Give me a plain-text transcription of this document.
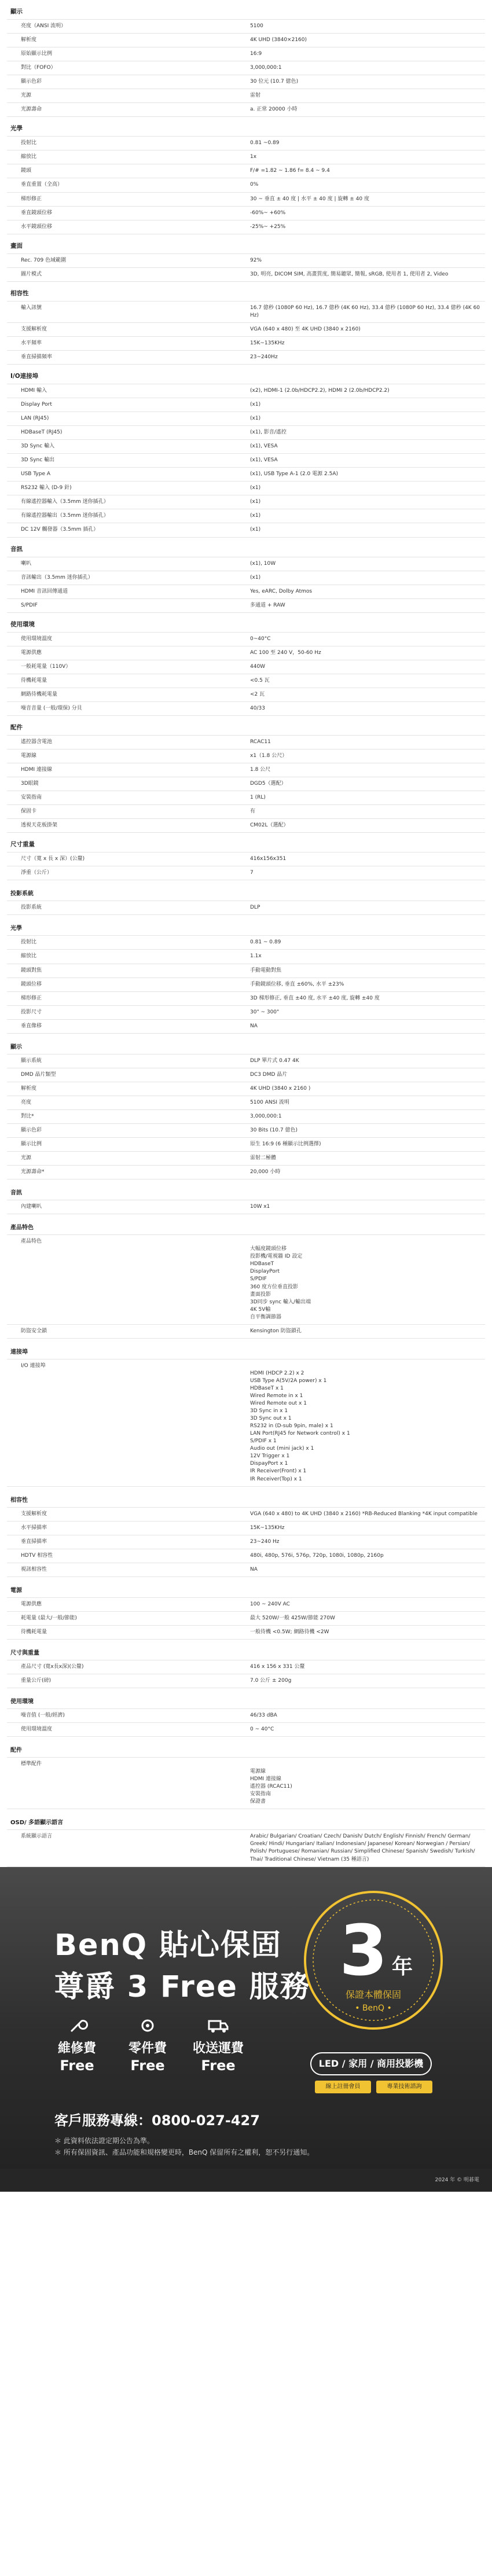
顯示
亮度（ANSI 流明）	5100
解析度	4K UHD (3840×2160)
原始顯示比例	16:9
對比（FOFO）	3,000,000:1
顯示色彩	30 位元 (10.7 億色)
光源	雷射
光源壽命	a. 正常 20000 小時
光學
投射比	0.81 ~0.89
縮放比	1x
鏡頭	F/# =1.82 ~ 1.86 f= 8.4 ~ 9.4
垂直重置（全高）	0%
梯形修正	30 ~ 垂直 ± 40 度 | 水平 ± 40 度 | 旋轉 ± 40 度
垂直鏡頭位移	-60%~ +60%
水平鏡頭位移	-25%~ +25%
畫面
Rec. 709 色域範圍	92%
圖片模式	3D, 明亮, DICOM SIM, 高畫質度, 簡易聽眾, 簡報, sRGB, 使用者 1, 使用者 2, Video
相容性
輸入訊號	16.7 億秒 (1080P 60 Hz), 16.7 億秒 (4K 60 Hz), 33.4 億秒 (1080P 60 Hz), 33.4 億秒 (4K 60 Hz)
支援解析度	VGA (640 x 480) 至 4K UHD (3840 x 2160)
水平頻率	15K~135KHz
垂直掃描頻率	23~240Hz
I/O連接埠
HDMI 輸入	(x2), HDMI-1 (2.0b/HDCP2.2), HDMI 2 (2.0b/HDCP2.2)
Display Port	(x1)
LAN (RJ45)	(x1)
HDBaseT (RJ45)	(x1), 影音/遙控
3D Sync 輸入	(x1), VESA
3D Sync 輸出	(x1), VESA
USB Type A	(x1), USB Type A-1 (2.0 電源 2.5A)
RS232 輸入 (D-9 針)	(x1)
有線遙控器輸入（3.5mm 迷你插孔）	(x1)
有線遙控器輸出（3.5mm 迷你插孔）	(x1)
DC 12V 觸發器（3.5mm 插孔）	(x1)
音訊
喇叭	(x1), 10W
音訊輸出（3.5mm 迷你插孔）	(x1)
HDMI 音訊回傳通道	Yes, eARC, Dolby Atmos
S/PDIF	多通道 + RAW
使用環境
使用環境溫度	0~40°C
電源供應	AC 100 至 240 V，50-60 Hz
一般耗電量（110V）	440W
待機耗電量	<0.5 瓦
網路待機耗電量	<2 瓦
噪音音量 (一般/環保) 分貝	40/33
配件
遙控器含電池	RCAC11
電源線	x1（1.8 公尺）
HDMI 連接線	1.8 公尺
3D眼鏡	DGD5（選配）
安裝指南	1 (RL)
保固卡	有
透視天花板掛架	CM02L（選配）
尺寸重量
尺寸（寬 x 長 x 深）(公釐)	416x156x351
淨重（公斤）	7
投影系統
投影系統	DLP
光學
投射比	0.81 ~ 0.89
縮放比	1.1x
鏡頭對焦	手動電動對焦
鏡頭位移	手動鏡頭位移, 垂直 ±60%, 水平 ±23%
梯形修正	3D 梯形修正, 垂直 ±40 度, 水平 ±40 度, 旋轉 ±40 度
投影尺寸	30" ~ 300"
垂直像移	NA
顯示
顯示系統	DLP 單片式 0.47 4K
DMD 晶片類型	DC3 DMD 晶片
解析度	4K UHD (3840 x 2160 )
亮度	5100 ANSI 流明
對比*	3,000,000:1
顯示色彩	30 Bits (10.7 億色)
顯示比例	原生 16:9 (6 種顯示比例選擇)
光源	雷射二極體
光源壽命*	20,000 小時
音訊
內建喇叭	10W x1
產品特色
產品特色

大幅度鏡頭位移
投影機/電視牆 ID 設定
HDBaseT
DisplayPort
S/PDIF
360 度方位垂直投影
畫面投影
3D同步 sync 輸入/輸出端
4K 5V輸
自平衡調節器

防盜安全鎖	Kensington 防盜鎖孔
連接埠
I/O 連接埠

HDMI (HDCP 2.2) x 2
USB Type A(5V/2A power) x 1
HDBaseT x 1
Wired Remote in x 1
Wired Remote out x 1
3D Sync in x 1
3D Sync out x 1
RS232 in (D-sub 9pin, male) x 1
LAN Port(RJ45 for Network control) x 1
S/PDIF x 1
Audio out (mini jack) x 1
12V Trigger x 1
DispayPort x 1
IR Receiver(Front) x 1
IR Receiver(Top) x 1

相容性
支援解析度	VGA (640 x 480) to 4K UHD (3840 x 2160) *RB-Reduced Blanking *4K input compatible
水平掃描率	15K~135KHz
垂直掃描率	23~240 Hz
HDTV 相容性	480i, 480p, 576i, 576p, 720p, 1080i, 1080p, 2160p
視訊相容性	NA
電源
電源供應	100 ~ 240V AC
耗電量 (最大/一般/節能)	最大 520W/一般 425W/節能 270W
待機耗電量	一般待機 <0.5W; 網路待機 <2W
尺寸與重量
產品尺寸 (寬x長x深)(公釐)	416 x 156 x 331 公釐
重量公斤(磅)	7.0 公斤 ± 200g
使用環境
噪音值 (一般/經濟)	46/33 dBA
使用環境溫度	0 ~ 40°C
配件
標準配件

電源線
HDMI 連接線
遙控器 (RCAC11)
安裝指南
保證書

OSD/ 多語顯示語言
系統顯示語言	Arabic/ Bulgarian/ Croatian/ Czech/ Danish/ Dutch/ English/ Finnish/ French/ German/ Greek/ Hindi/ Hungarian/ Italian/ Indonesian/ Japanese/ Korean/ Norwegian / Persian/ Polish/ Portuguese/ Romanian/ Russian/ Simplified Chinese/ Spanish/ Swedish/ Turkish/ Thai/ Traditional Chinese/ Vietnam (35 種語言)
BenQ 貼心保固
尊爵 3 Free 服務
維修費
Free
零件費
Free
收送運費
Free
3 年
保證本體保固
• BenQ •
LED / 家用 / 商用投影機
線上註冊會員	專業技術諮詢
客戶服務專線：0800-027-427
＊ 此資料依法證定期公告為準。
＊ 所有保固資訊、產品功能和規格變更時，BenQ 保留所有之權利，恕不另行通知。
2024 年 © 明碁電
